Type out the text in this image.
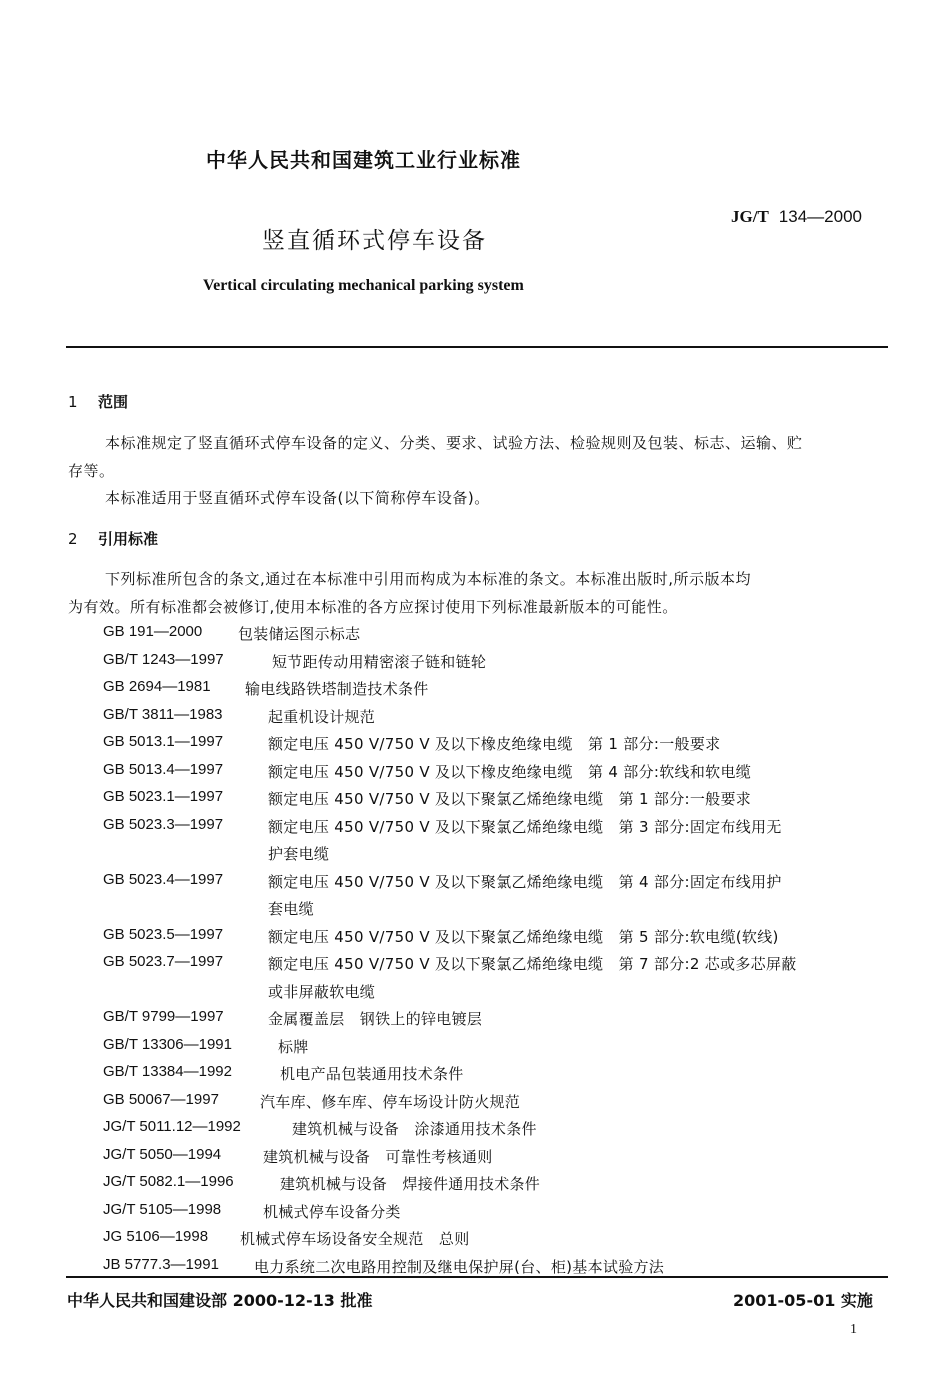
中华人民共和国建筑工业行业标准
JG/T 134—2000
竖直循环式停车设备
Vertical circulating mechanical parking system
1 范围
本标准规定了竖直循环式停车设备的定义、分类、要求、试验方法、检验规则及包装、标志、运输、贮
存等。
本标准适用于竖直循环式停车设备(以下简称停车设备)。
2 引用标准
下列标准所包含的条文,通过在本标准中引用而构成为本标准的条文。本标准出版时,所示版本均
为有效。所有标准都会被修订,使用本标准的各方应探讨使用下列标准最新版本的可能性。
GB 191—2000 包装储运图示标志
GB/T 1243—1997	短节距传动用精密滚子链和链轮
GB 2694—1981 输电线路铁塔制造技术条件
GB/T 3811—1983	起重机设计规范
GB 5013.1—1997	额定电压 450 V/750 V 及以下橡皮绝缘电缆　第 1 部分:一般要求
GB 5013.4—1997	额定电压 450 V/750 V 及以下橡皮绝缘电缆　第 4 部分:软线和软电缆
GB 5023.1—1997	额定电压 450 V/750 V 及以下聚氯乙烯绝缘电缆　第 1 部分:一般要求
GB 5023.3—1997	额定电压 450 V/750 V 及以下聚氯乙烯绝缘电缆　第 3 部分:固定布线用无
护套电缆
GB 5023.4—1997	额定电压 450 V/750 V 及以下聚氯乙烯绝缘电缆　第 4 部分:固定布线用护
套电缆
GB 5023.5—1997	额定电压 450 V/750 V 及以下聚氯乙烯绝缘电缆　第 5 部分:软电缆(软线)
GB 5023.7—1997	额定电压 450 V/750 V 及以下聚氯乙烯绝缘电缆　第 7 部分:2 芯或多芯屏蔽
或非屏蔽软电缆
GB/T 9799—1997	金属覆盖层　钢铁上的锌电镀层
GB/T 13306—1991	标牌
GB/T 13384—1992	机电产品包装通用技术条件
GB 50067—1997	汽车库、修车库、停车场设计防火规范
JG/T 5011.12—1992	建筑机械与设备　涂漆通用技术条件
JG/T 5050—1994	建筑机械与设备　可靠性考核通则
JG/T 5082.1—1996	建筑机械与设备　焊接件通用技术条件
JG/T 5105—1998	机械式停车设备分类
JG 5106—1998 机械式停车场设备安全规范　总则
JB 5777.3—1991 电力系统二次电路用控制及继电保护屏(台、柜)基本试验方法
中华人民共和国建设部 2000-12-13 批准	2001-05-01 实施
1
